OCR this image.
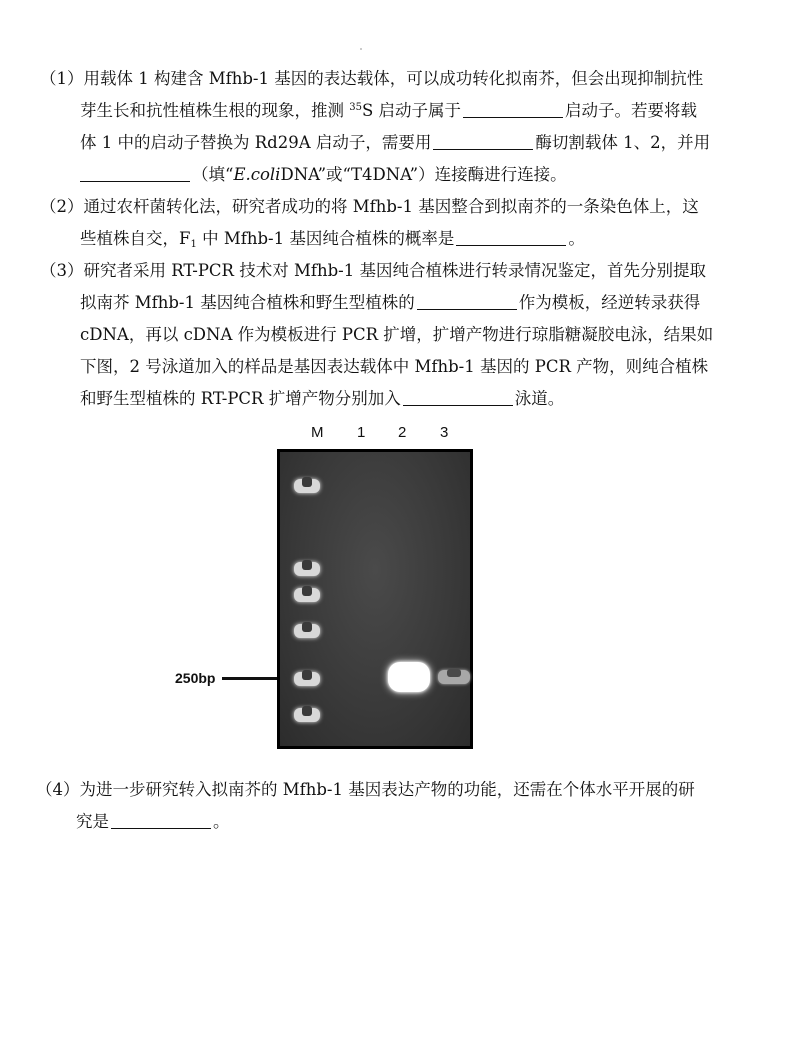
（1）用载体 1 构建含 Mfhb-1 基因的表达载体，可以成功转化拟南芥，但会出现抑制抗性
芽生长和抗性植株生根的现象，推测 $^{35}$S 启动子属于	启动子。若要将载
体 1 中的启动子替换为 Rd29A 启动子，需要用	酶切割载体 1、2，并用
（填“E.coliDNA”或“T4DNA”）连接酶进行连接。
（2）通过农杆菌转化法，研究者成功的将 Mfhb-1 基因整合到拟南芥的一条染色体上，这
些植株自交，$F_1$ 中 Mfhb-1 基因纯合植株的概率是	。
（3）研究者采用 RT-PCR 技术对 Mfhb-1 基因纯合植株进行转录情况鉴定，首先分别提取
拟南芥 Mfhb-1 基因纯合植株和野生型植株的	作为模板，经逆转录获得
cDNA，再以 cDNA 作为模板进行 PCR 扩增，扩增产物进行琼脂糖凝胶电泳，结果如
下图，2 号泳道加入的样品是基因表达载体中 Mfhb-1 基因的 PCR 产物，则纯合植株
和野生型植株的 RT-PCR 扩增产物分别加入	泳道。
M 1 2 3
250bp
（4）为进一步研究转入拟南芥的 Mfhb-1 基因表达产物的功能，还需在个体水平开展的研
究是	。
